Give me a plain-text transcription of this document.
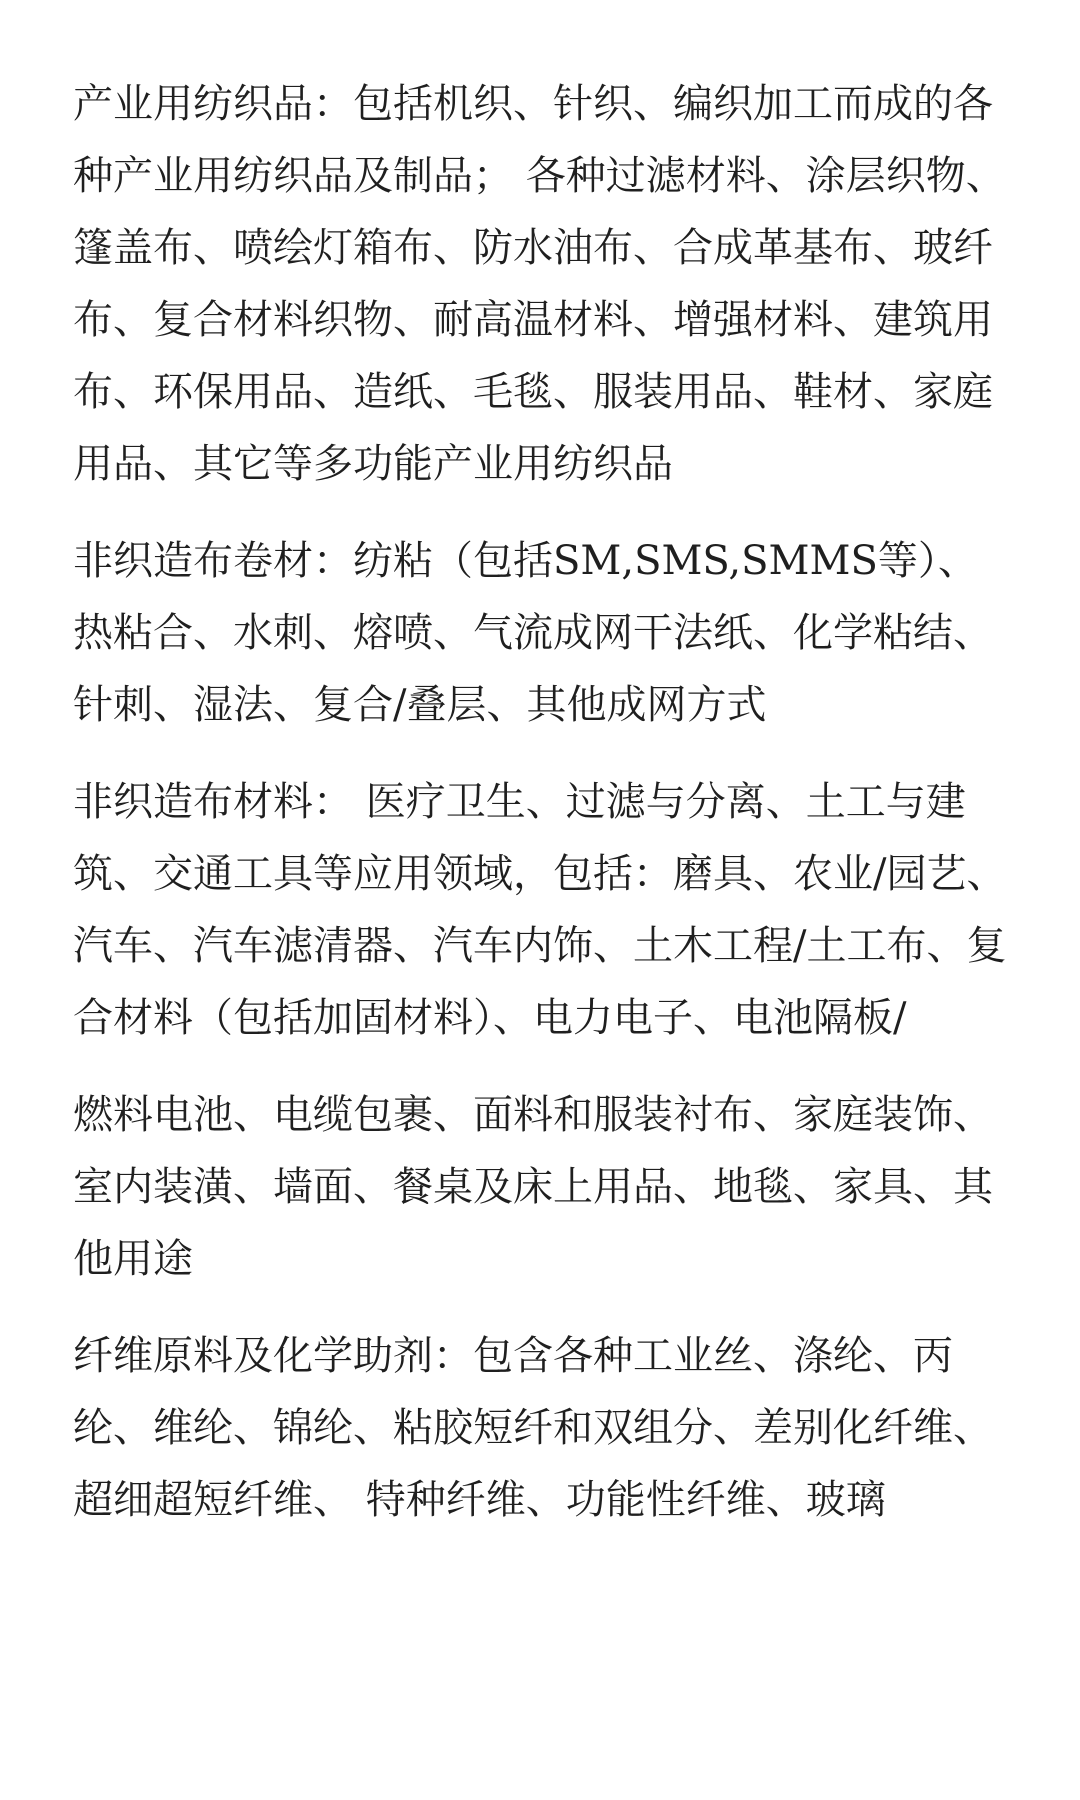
产业用纺织品：包括机织、针织、编织加工而成的各种产业用纺织品及制品； 各种过滤材料、涂层织物、篷盖布、喷绘灯箱布、防水油布、合成革基布、玻纤布、复合材料织物、耐高温材料、增强材料、建筑用布、环保用品、造纸、毛毯、服装用品、鞋材、家庭用品、其它等多功能产业用纺织品

非织造布卷材：纺粘（包括SM,SMS,SMMS等）、热粘合、水刺、熔喷、气流成网干法纸、化学粘结、针刺、湿法、复合/叠层、其他成网方式

非织造布材料： 医疗卫生、过滤与分离、土工与建筑、交通工具等应用领域，包括：磨具、农业/园艺、汽车、汽车滤清器、汽车内饰、土木工程/土工布、复合材料（包括加固材料）、电力电子、电池隔板/

燃料电池、电缆包裹、面料和服装衬布、家庭装饰、室内装潢、墙面、餐桌及床上用品、地毯、家具、其他用途

纤维原料及化学助剂：包含各种工业丝、涤纶、丙纶、维纶、锦纶、粘胶短纤和双组分、差别化纤维、超细超短纤维、 特种纤维、功能性纤维、玻璃
